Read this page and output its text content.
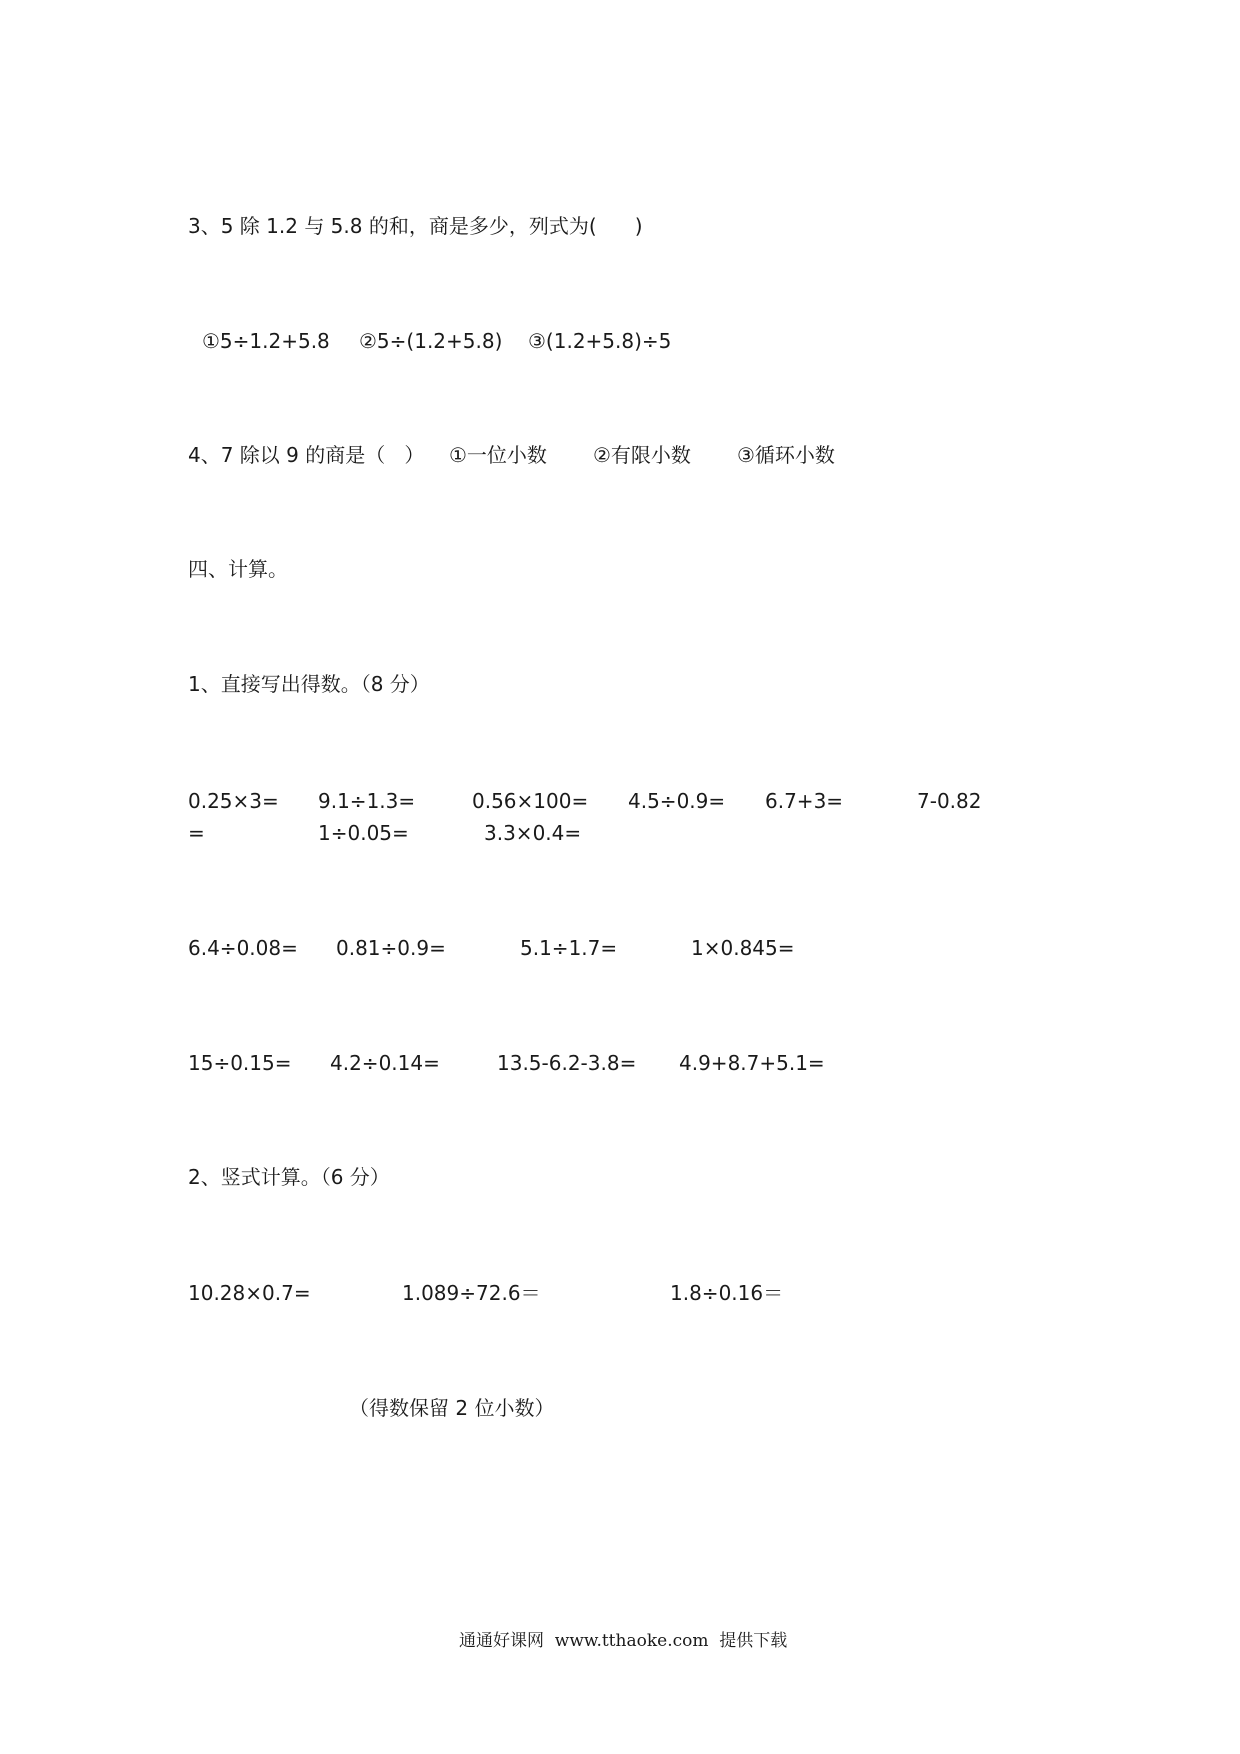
3、5 除 1.2 与 5.8 的和，商是多少，列式为(      )
①5÷1.2+5.8 ②5÷(1.2+5.8) ③(1.2+5.8)÷5
4、7 除以 9 的商是（   ） ①一位小数 ②有限小数 ③循环小数
四、计算。
1、直接写出得数。（8 分）
0.25×3= 9.1÷1.3=	0.56×100= 4.5÷0.9= 6.7+3=	7-0.82
=	1÷0.05=	3.3×0.4=
6.4÷0.08= 0.81÷0.9=	5.1÷1.7=	1×0.845=
15÷0.15= 4.2÷0.14=	13.5-6.2-3.8= 4.9+8.7+5.1=
2、竖式计算。（6 分）
10.28×0.7=	1.089÷72.6＝	1.8÷0.16＝
（得数保留 2 位小数）
通通好课网  www.tthaoke.com  提供下载
